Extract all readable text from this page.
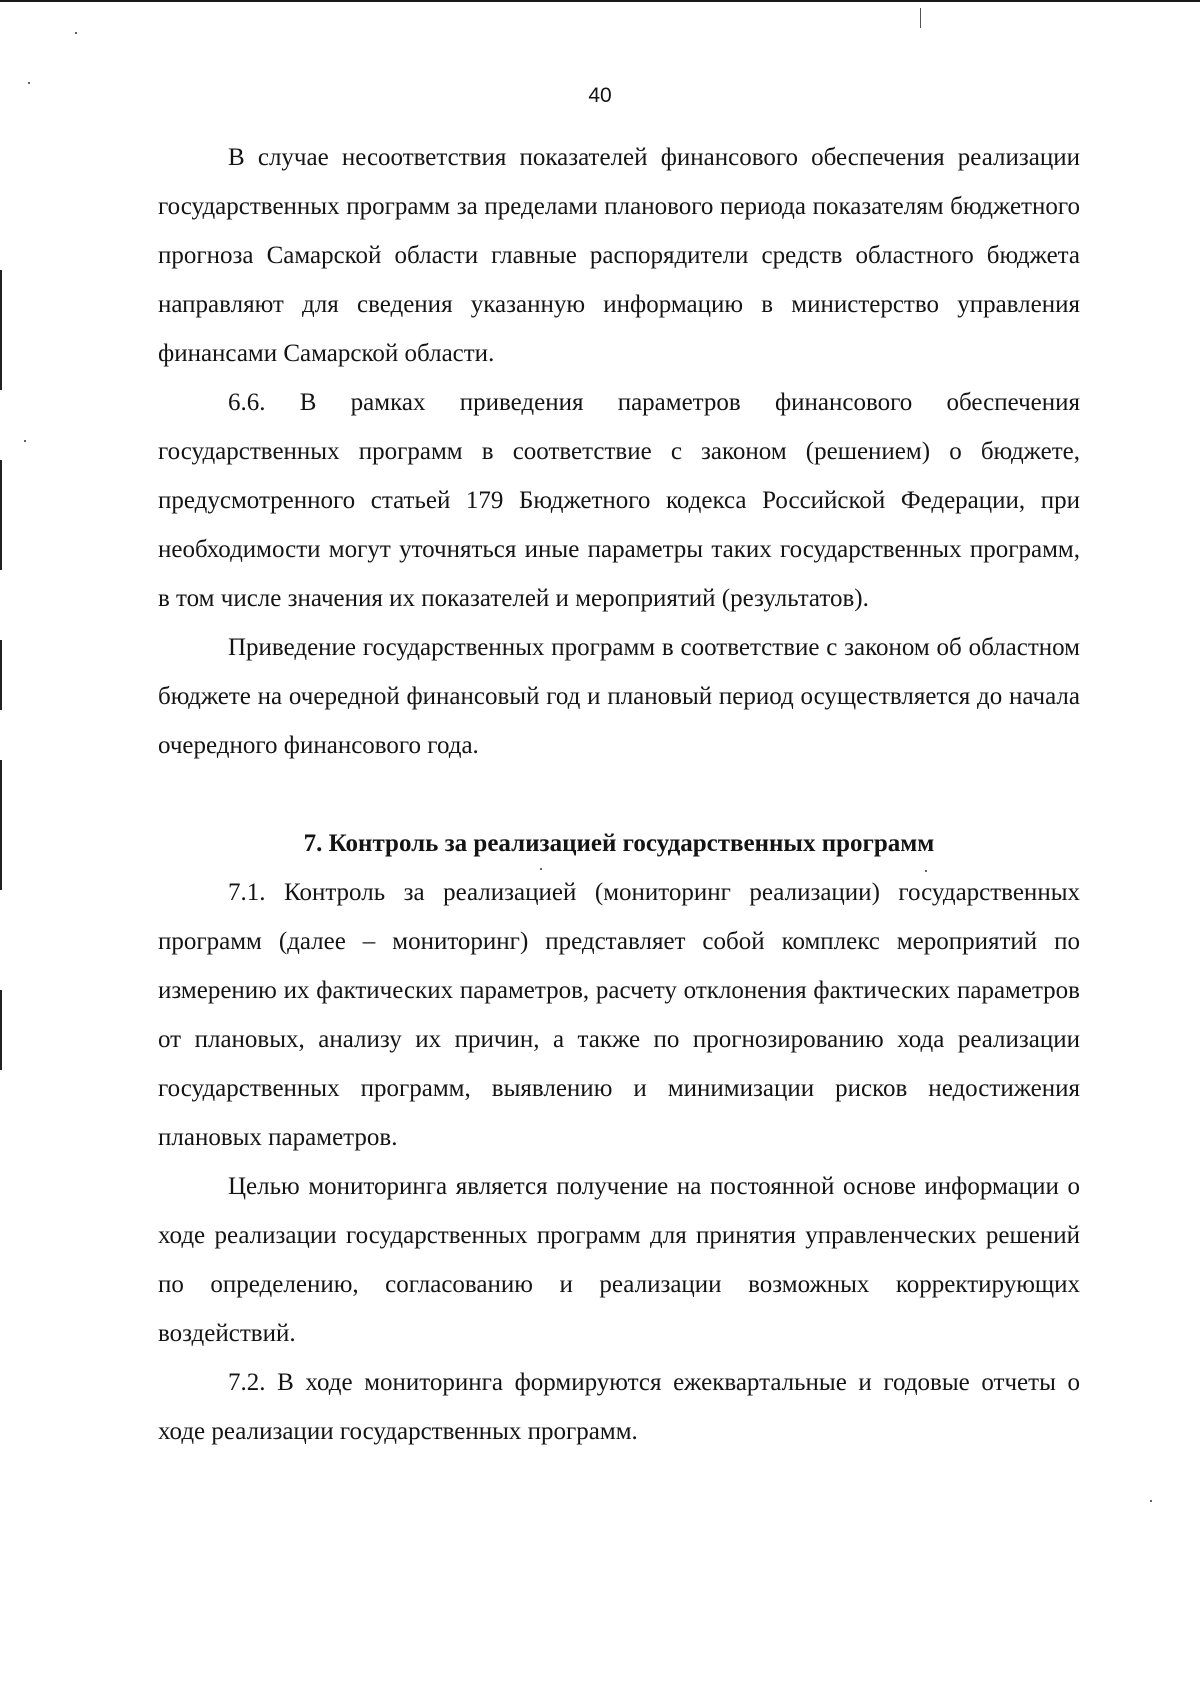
40

В случае несоответствия показателей финансового обеспечения реализации государственных программ за пределами планового периода показателям бюджетного прогноза Самарской области главные распорядители средств областного бюджета направляют для сведения указанную информацию в министерство управления финансами Самарской области.

6.6. В рамках приведения параметров финансового обеспечения государственных программ в соответствие с законом (решением) о бюджете, предусмотренного статьей 179 Бюджетного кодекса Российской Федерации, при необходимости могут уточняться иные параметры таких государственных программ, в том числе значения их показателей и мероприятий (результатов).

Приведение государственных программ в соответствие с законом об областном бюджете на очередной финансовый год и плановый период осуществляется до начала очередного финансового года.

7. Контроль за реализацией государственных программ

7.1. Контроль за реализацией (мониторинг реализации) государственных программ (далее – мониторинг) представляет собой комплекс мероприятий по измерению их фактических параметров, расчету отклонения фактических параметров от плановых, анализу их причин, а также по прогнозированию хода реализации государственных программ, выявлению и минимизации рисков недостижения плановых параметров.

Целью мониторинга является получение на постоянной основе информации о ходе реализации государственных программ для принятия управленческих решений по определению, согласованию и реализации возможных корректирующих воздействий.

7.2. В ходе мониторинга формируются ежеквартальные и годовые отчеты о ходе реализации государственных программ.
